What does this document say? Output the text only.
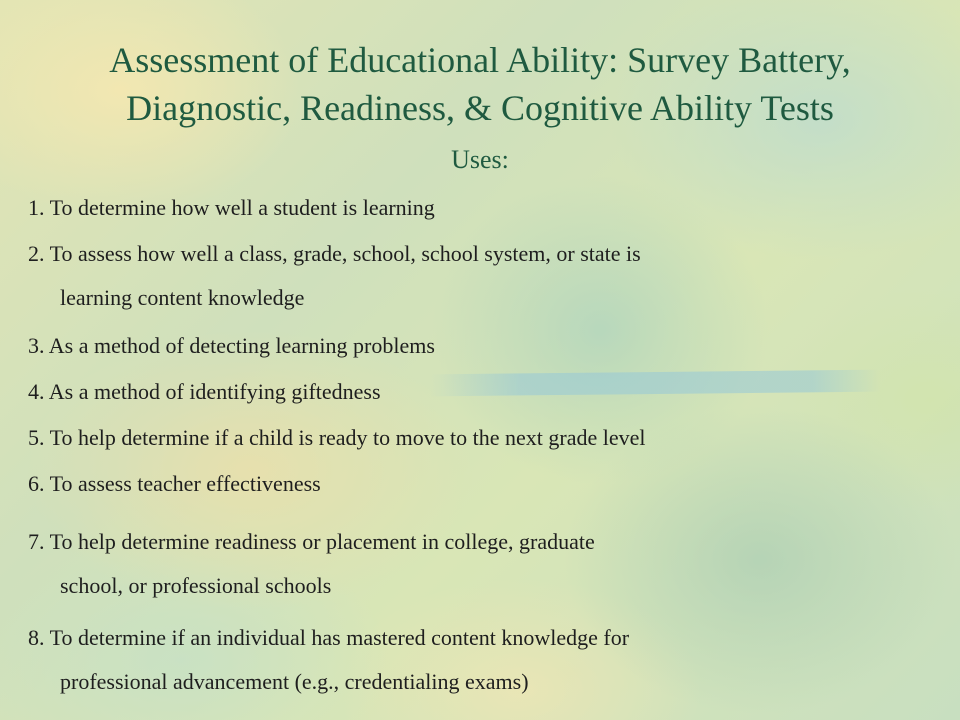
Assessment of Educational Ability: Survey Battery,
Diagnostic, Readiness, & Cognitive Ability Tests
Uses:
1. To determine how well a student is learning
2. To assess how well a class, grade, school, school system, or state is
learning content knowledge
3. As a method of detecting learning problems
4. As a method of identifying giftedness
5. To help determine if a child is ready to move to the next grade level
6. To assess teacher effectiveness
7. To help determine readiness or placement in college, graduate
school, or professional schools
8. To determine if an individual has mastered content knowledge for
professional advancement (e.g., credentialing exams)
